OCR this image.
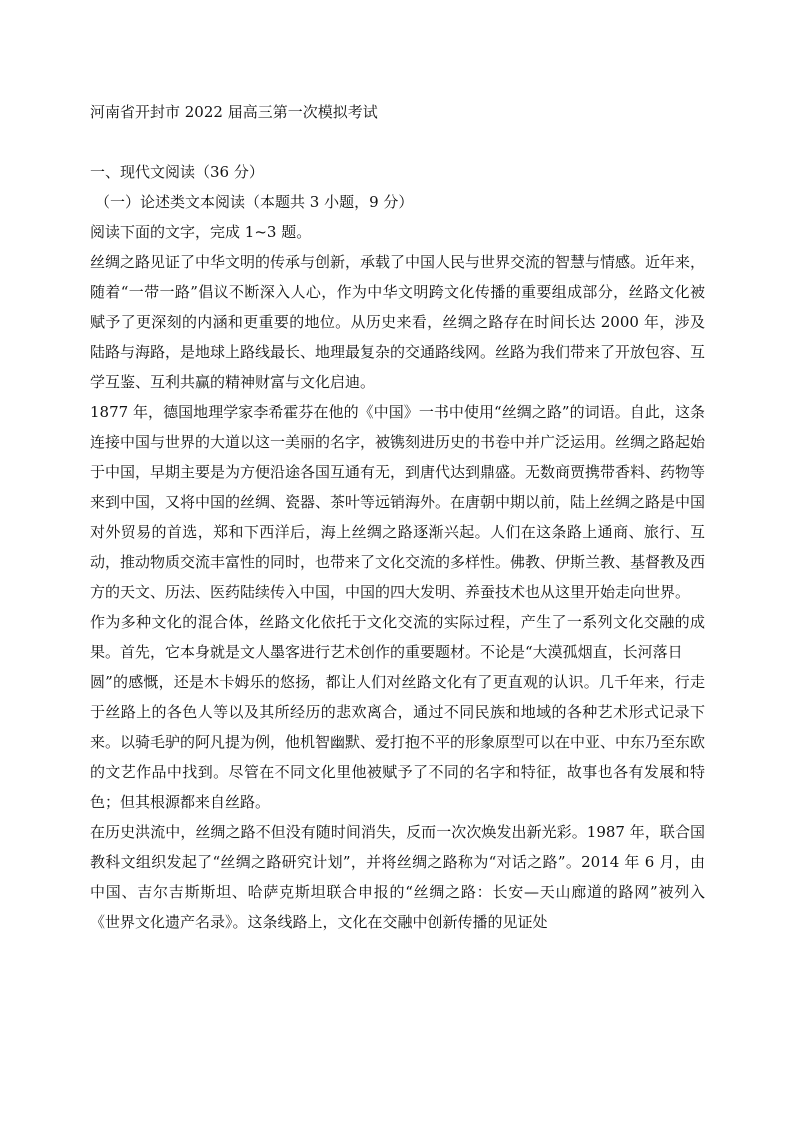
河南省开封市 2022 届高三第一次模拟考试
一、现代文阅读（36 分）
（一）论述类文本阅读（本题共 3 小题，9 分）
阅读下面的文字，完成 1~3 题。

丝绸之路见证了中华文明的传承与创新，承载了中国人民与世界交流的智慧与情感。近年来，随着“一带一路”倡议不断深入人心，作为中华文明跨文化传播的重要组成部分，丝路文化被赋予了更深刻的内涵和更重要的地位。从历史来看，丝绸之路存在时间长达 2000 年，涉及陆路与海路，是地球上路线最长、地理最复杂的交通路线网。丝路为我们带来了开放包容、互学互鉴、互利共赢的精神财富与文化启迪。

1877 年，德国地理学家李希霍芬在他的《中国》一书中使用“丝绸之路”的词语。自此，这条连接中国与世界的大道以这一美丽的名字，被镌刻进历史的书卷中并广泛运用。丝绸之路起始于中国，早期主要是为方便沿途各国互通有无，到唐代达到鼎盛。无数商贾携带香料、药物等来到中国，又将中国的丝绸、瓷器、茶叶等远销海外。在唐朝中期以前，陆上丝绸之路是中国对外贸易的首选，郑和下西洋后，海上丝绸之路逐渐兴起。人们在这条路上通商、旅行、互动，推动物质交流丰富性的同时，也带来了文化交流的多样性。佛教、伊斯兰教、基督教及西方的天文、历法、医药陆续传入中国，中国的四大发明、养蚕技术也从这里开始走向世界。

作为多种文化的混合体，丝路文化依托于文化交流的实际过程，产生了一系列文化交融的成果。首先，它本身就是文人墨客进行艺术创作的重要题材。不论是“大漠孤烟直，长河落日

圆”的感慨，还是木卡姆乐的悠扬，都让人们对丝路文化有了更直观的认识。几千年来，行走于丝路上的各色人等以及其所经历的悲欢离合，通过不同民族和地域的各种艺术形式记录下来。以骑毛驴的阿凡提为例，他机智幽默、爱打抱不平的形象原型可以在中亚、中东乃至东欧的文艺作品中找到。尽管在不同文化里他被赋予了不同的名字和特征，故事也各有发展和特色；但其根源都来自丝路。

在历史洪流中，丝绸之路不但没有随时间消失，反而一次次焕发出新光彩。1987 年，联合国教科文组织发起了“丝绸之路研究计划”，并将丝绸之路称为“对话之路”。2014 年 6 月，由中国、吉尔吉斯斯坦、哈萨克斯坦联合申报的“丝绸之路：长安—天山廊道的路网”被列入《世界文化遗产名录》。这条线路上，文化在交融中创新传播的见证处
